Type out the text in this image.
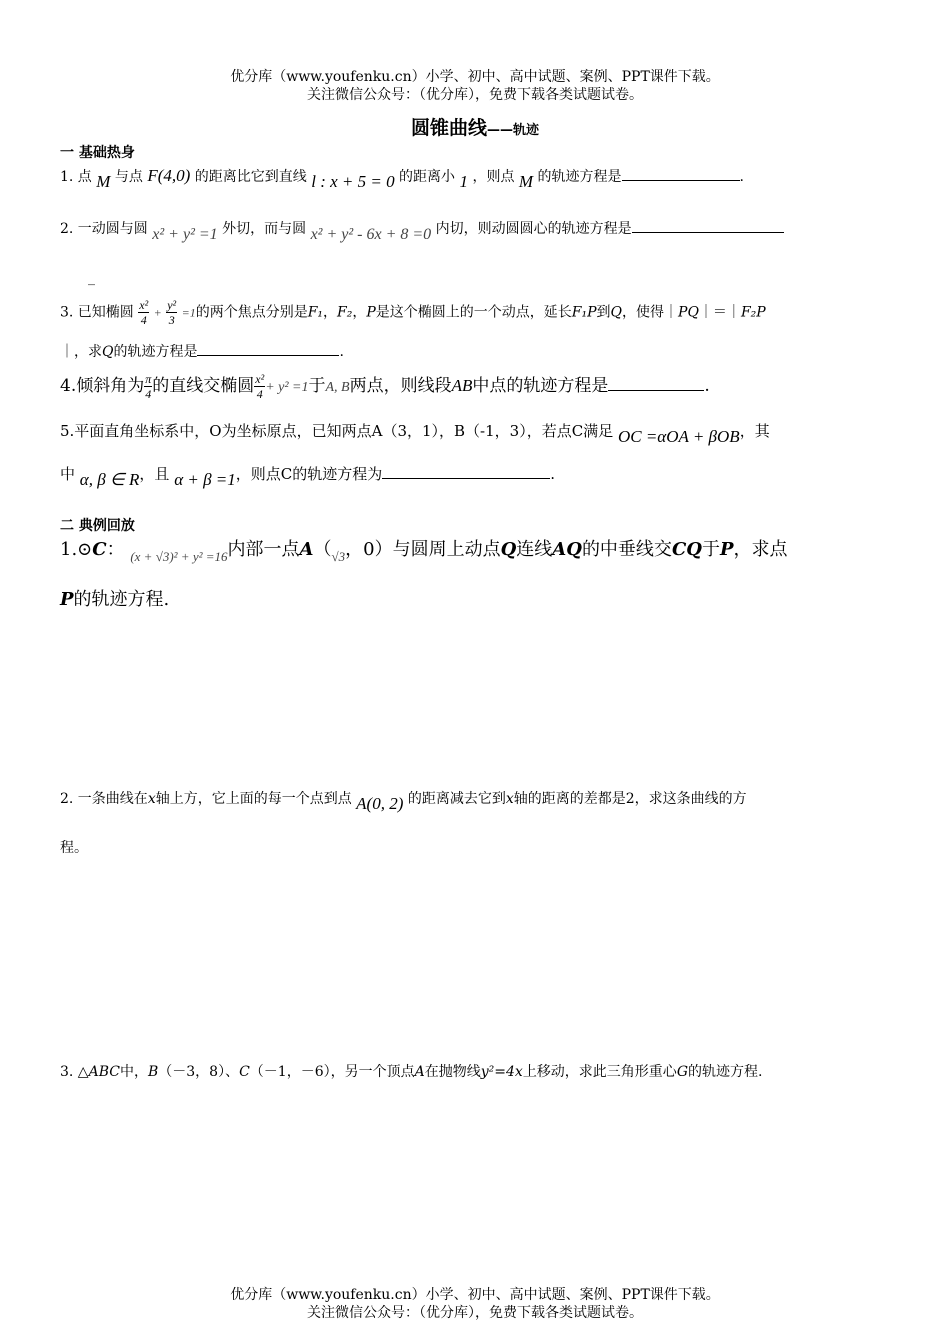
优分库（www.youfenku.cn）小学、初中、高中试题、案例、PPT课件下载。
关注微信公众号：（优分库），免费下载各类试题试卷。
圆锥曲线——轨迹
一 基础热身
1. 点 M 与点 F(4,0) 的距离比它到直线 l : x + 5 = 0 的距离小 1 ，则点 M 的轨迹方程是	.
2. 一动圆与圆 x² + y² =1 外切，而与圆 x² + y² - 6x + 8 =0 内切，则动圆圆心的轨迹方程是
_
3. 已知椭圆 $\frac{\text{x²}}{4} + \frac{\text{y²}}{3} =1$的两个焦点分别是F₁，F₂，P是这个椭圆上的一个动点，延长F₁P到Q，使得｜PQ｜＝｜F₂P
｜，求Q的轨迹方程是	.
4.倾斜角为 $\frac{\pi}{4}$ 的直线交椭圆 $\frac{\text{x²}}{4} + y^2 =1$于A, B两点，则线段AB中点的轨迹方程是	.
5.平面直角坐标系中，O为坐标原点，已知两点A（3，1），B（-1，3），若点C满足 OC =αOA + βOB，其
中 α, β ∈ R，且 α + β =1，则点C的轨迹方程为	.
二 典例回放
1.⊙C： $_{(x + √3)^2 + y^2 =16}$内部一点$A(_{√3}$，0）与圆周上动点Q连线AQ的中垂线交CQ于P，求点
P的轨迹方程.
2. 一条曲线在x轴上方，它上面的每一个点到点 A(0, 2) 的距离减去它到x轴的距离的差都是2，求这条曲线的方
程。
3. △ABC中，B（－3，8）、C（－1，－6），另一个顶点A在抛物线y²=4x上移动，求此三角形重心G的轨迹方程.
优分库（www.youfenku.cn）小学、初中、高中试题、案例、PPT课件下载。
关注微信公众号：（优分库），免费下载各类试题试卷。
